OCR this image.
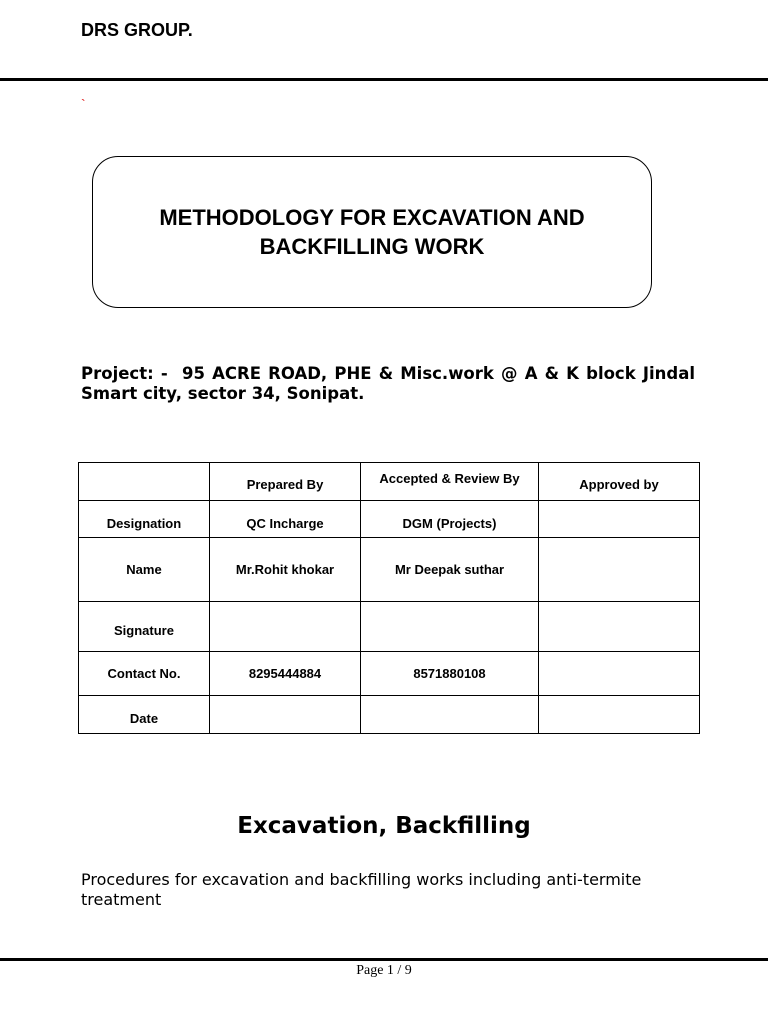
DRS GROUP.
`
METHODOLOGY FOR EXCAVATION AND
BACKFILLING WORK
Project: - 95 ACRE ROAD, PHE & Misc.work @ A & K block Jindal Smart city, sector 34, Sonipat.
	Prepared By	Accepted & Review By	Approved by
Designation	QC Incharge	DGM (Projects)	
Name	Mr.Rohit khokar	Mr Deepak suthar	
Signature			
Contact No.	8295444884	8571880108	
Date			
Excavation, Backfilling
Procedures for excavation and backfilling works including anti-termite treatment
Page 1 / 9
